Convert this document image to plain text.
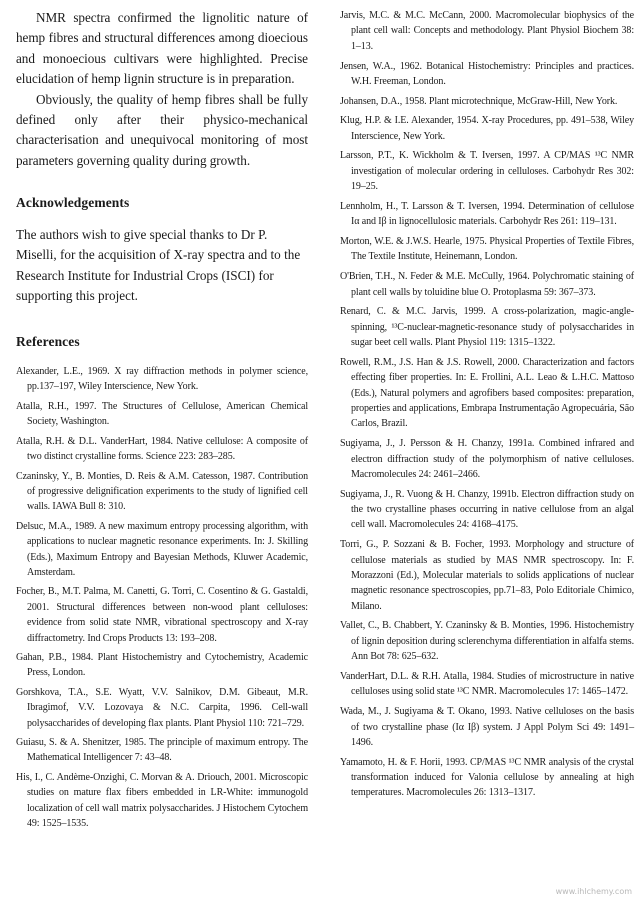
NMR spectra confirmed the lignolitic nature of hemp fibres and structural differences among dioecious and monoecious cultivars were highlighted. Precise elucidation of hemp lignin structure is in preparation.

Obviously, the quality of hemp fibres shall be fully defined only after their physico-mechanical characterisation and unequivocal monitoring of most parameters governing quality during growth.

Acknowledgements

The authors wish to give special thanks to Dr P. Miselli, for the acquisition of X-ray spectra and to the Research Institute for Industrial Crops (ISCI) for supporting this project.

References
Alexander, L.E., 1969. X ray diffraction methods in polymer science, pp.137–197, Wiley Interscience, New York.
Atalla, R.H., 1997. The Structures of Cellulose, American Chemical Society, Washington.
Atalla, R.H. & D.L. VanderHart, 1984. Native cellulose: A composite of two distinct crystalline forms. Science 223: 283–285.
Czaninsky, Y., B. Monties, D. Reis & A.M. Catesson, 1987. Contribution of progressive delignification experiments to the study of lignified cell walls. IAWA Bull 8: 310.
Delsuc, M.A., 1989. A new maximum entropy processing algorithm, with applications to nuclear magnetic resonance experiments. In: J. Skilling (Eds.), Maximum Entropy and Bayesian Methods, Kluwer Academic, Amsterdam.
Focher, B., M.T. Palma, M. Canetti, G. Torri, C. Cosentino & G. Gastaldi, 2001. Structural differences between non-wood plant celluloses: evidence from solid state NMR, vibrational spectroscopy and X-ray diffractometry. Ind Crops Products 13: 193–208.
Gahan, P.B., 1984. Plant Histochemistry and Cytochemistry, Academic Press, London.
Gorshkova, T.A., S.E. Wyatt, V.V. Salnikov, D.M. Gibeaut, M.R. Ibragimof, V.V. Lozovaya & N.C. Carpita, 1996. Cell-wall polysaccharides of developing flax plants. Plant Physiol 110: 721–729.
Guiasu, S. & A. Shenitzer, 1985. The principle of maximum entropy. The Mathematical Intelligencer 7: 43–48.
His, I., C. Andème-Onzighi, C. Morvan & A. Driouch, 2001. Microscopic studies on mature flax fibers embedded in LR-White: immunogold localization of cell wall matrix polysaccharides. J Histochem Cytochem 49: 1525–1535.
Jarvis, M.C. & M.C. McCann, 2000. Macromolecular biophysics of the plant cell wall: Concepts and methodology. Plant Physiol Biochem 38: 1–13.
Jensen, W.A., 1962. Botanical Histochemistry: Principles and practices. W.H. Freeman, London.
Johansen, D.A., 1958. Plant microtechnique, McGraw-Hill, New York.
Klug, H.P. & I.E. Alexander, 1954. X-ray Procedures, pp. 491–538, Wiley Interscience, New York.
Larsson, P.T., K. Wickholm & T. Iversen, 1997. A CP/MAS ¹³C NMR investigation of molecular ordering in celluloses. Carbohydr Res 302: 19–25.
Lennholm, H., T. Larsson & T. Iversen, 1994. Determination of cellulose Iα and Iβ in lignocellulosic materials. Carbohydr Res 261: 119–131.
Morton, W.E. & J.W.S. Hearle, 1975. Physical Properties of Textile Fibres, The Textile Institute, Heinemann, London.
O'Brien, T.H., N. Feder & M.E. McCully, 1964. Polychromatic staining of plant cell walls by toluidine blue O. Protoplasma 59: 367–373.
Renard, C. & M.C. Jarvis, 1999. A cross-polarization, magic-angle-spinning, ¹³C-nuclear-magnetic-resonance study of polysaccharides in sugar beet cell walls. Plant Physiol 119: 1315–1322.
Rowell, R.M., J.S. Han & J.S. Rowell, 2000. Characterization and factors effecting fiber properties. In: E. Frollini, A.L. Leao & L.H.C. Mattoso (Eds.), Natural polymers and agrofibers based composites: preparation, properties and applications, Embrapa Instrumentação Agropecuária, São Carlos, Brazil.
Sugiyama, J., J. Persson & H. Chanzy, 1991a. Combined infrared and electron diffraction study of the polymorphism of native celluloses. Macromolecules 24: 2461–2466.
Sugiyama, J., R. Vuong & H. Chanzy, 1991b. Electron diffraction study on the two crystalline phases occurring in native cellulose from an algal cell wall. Macromolecules 24: 4168–4175.
Torri, G., P. Sozzani & B. Focher, 1993. Morphology and structure of cellulose materials as studied by MAS NMR spectroscopy. In: F. Morazzoni (Ed.), Molecular materials to solids applications of nuclear magnetic resonance spectroscopies, pp.71–83, Polo Editoriale Chimico, Milano.
Vallet, C., B. Chabbert, Y. Czaninsky & B. Monties, 1996. Histochemistry of lignin deposition during sclerenchyma differentiation in alfalfa stems. Ann Bot 78: 625–632.
VanderHart, D.L. & R.H. Atalla, 1984. Studies of microstructure in native celluloses using solid state ¹³C NMR. Macromolecules 17: 1465–1472.
Wada, M., J. Sugiyama & T. Okano, 1993. Native celluloses on the basis of two crystalline phase (Iα Iβ) system. J Appl Polym Sci 49: 1491–1496.
Yamamoto, H. & F. Horii, 1993. CP/MAS ¹³C NMR analysis of the crystal transformation induced for Valonia cellulose by annealing at high temperatures. Macromolecules 26: 1313–1317.
www.ihlchemy.com
